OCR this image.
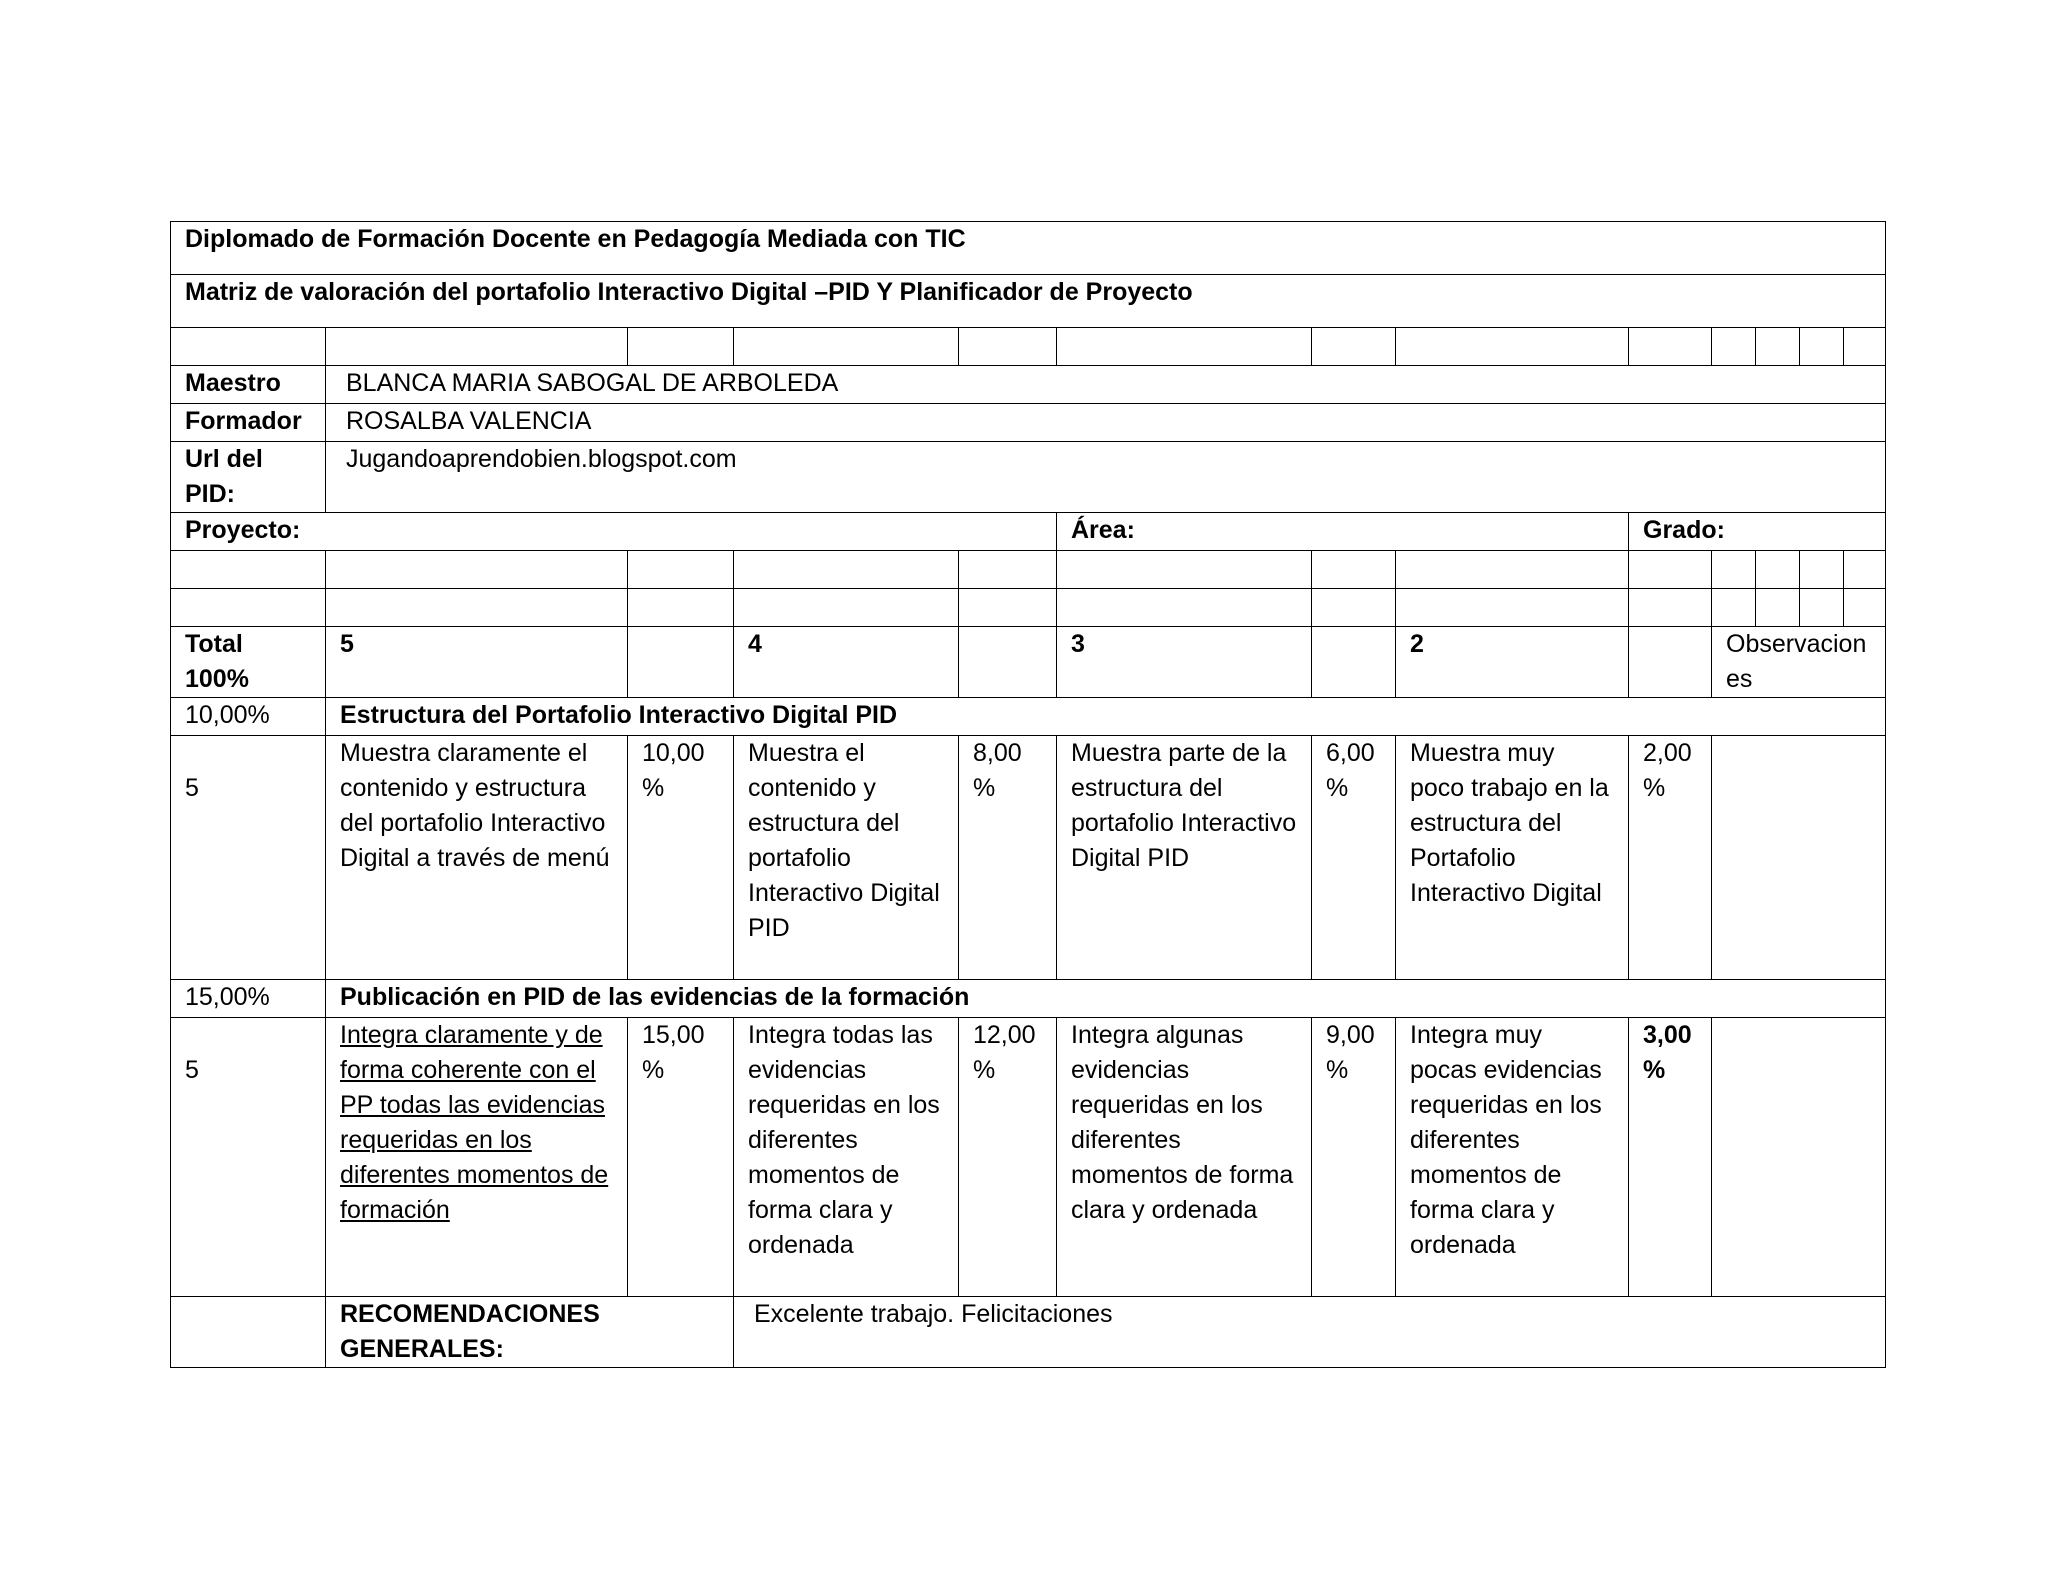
Diplomado de Formación Docente en Pedagogía Mediada con TIC												
Matriz de valoración del portafolio Interactivo Digital –PID Y Planificador de Proyecto												

Maestro	BLANCA MARIA SABOGAL DE ARBOLEDA											
Formador	ROSALBA VALENCIA											
Url del PID:	Jugandoaprendobien.blogspot.com											
Proyecto:					Área:			Grado:				

Total 100%	5		4		3		2		Observaciones			
10,00%	Estructura del Portafolio Interactivo Digital PID											
5	Muestra claramente el contenido y estructura del portafolio Interactivo Digital a través de menú	10,00 %	Muestra el contenido y estructura del portafolio Interactivo Digital PID	8,00 %	Muestra parte de la estructura del portafolio Interactivo Digital PID	6,00 %	Muestra muy poco trabajo en la estructura del Portafolio Interactivo Digital	2,00 %				
15,00%	Publicación en PID de las evidencias de la formación											
5	Integra claramente y de forma coherente con el PP todas las evidencias requeridas en los diferentes momentos de formación	15,00 %	Integra todas las evidencias requeridas en los diferentes momentos de forma clara y ordenada	12,00 %	Integra algunas evidencias requeridas en los diferentes momentos de forma clara y ordenada	9,00 %	Integra muy pocas evidencias requeridas en los diferentes momentos de forma clara y ordenada	3,00 %				
	RECOMENDACIONES GENERALES:		Excelente trabajo. Felicitaciones									
